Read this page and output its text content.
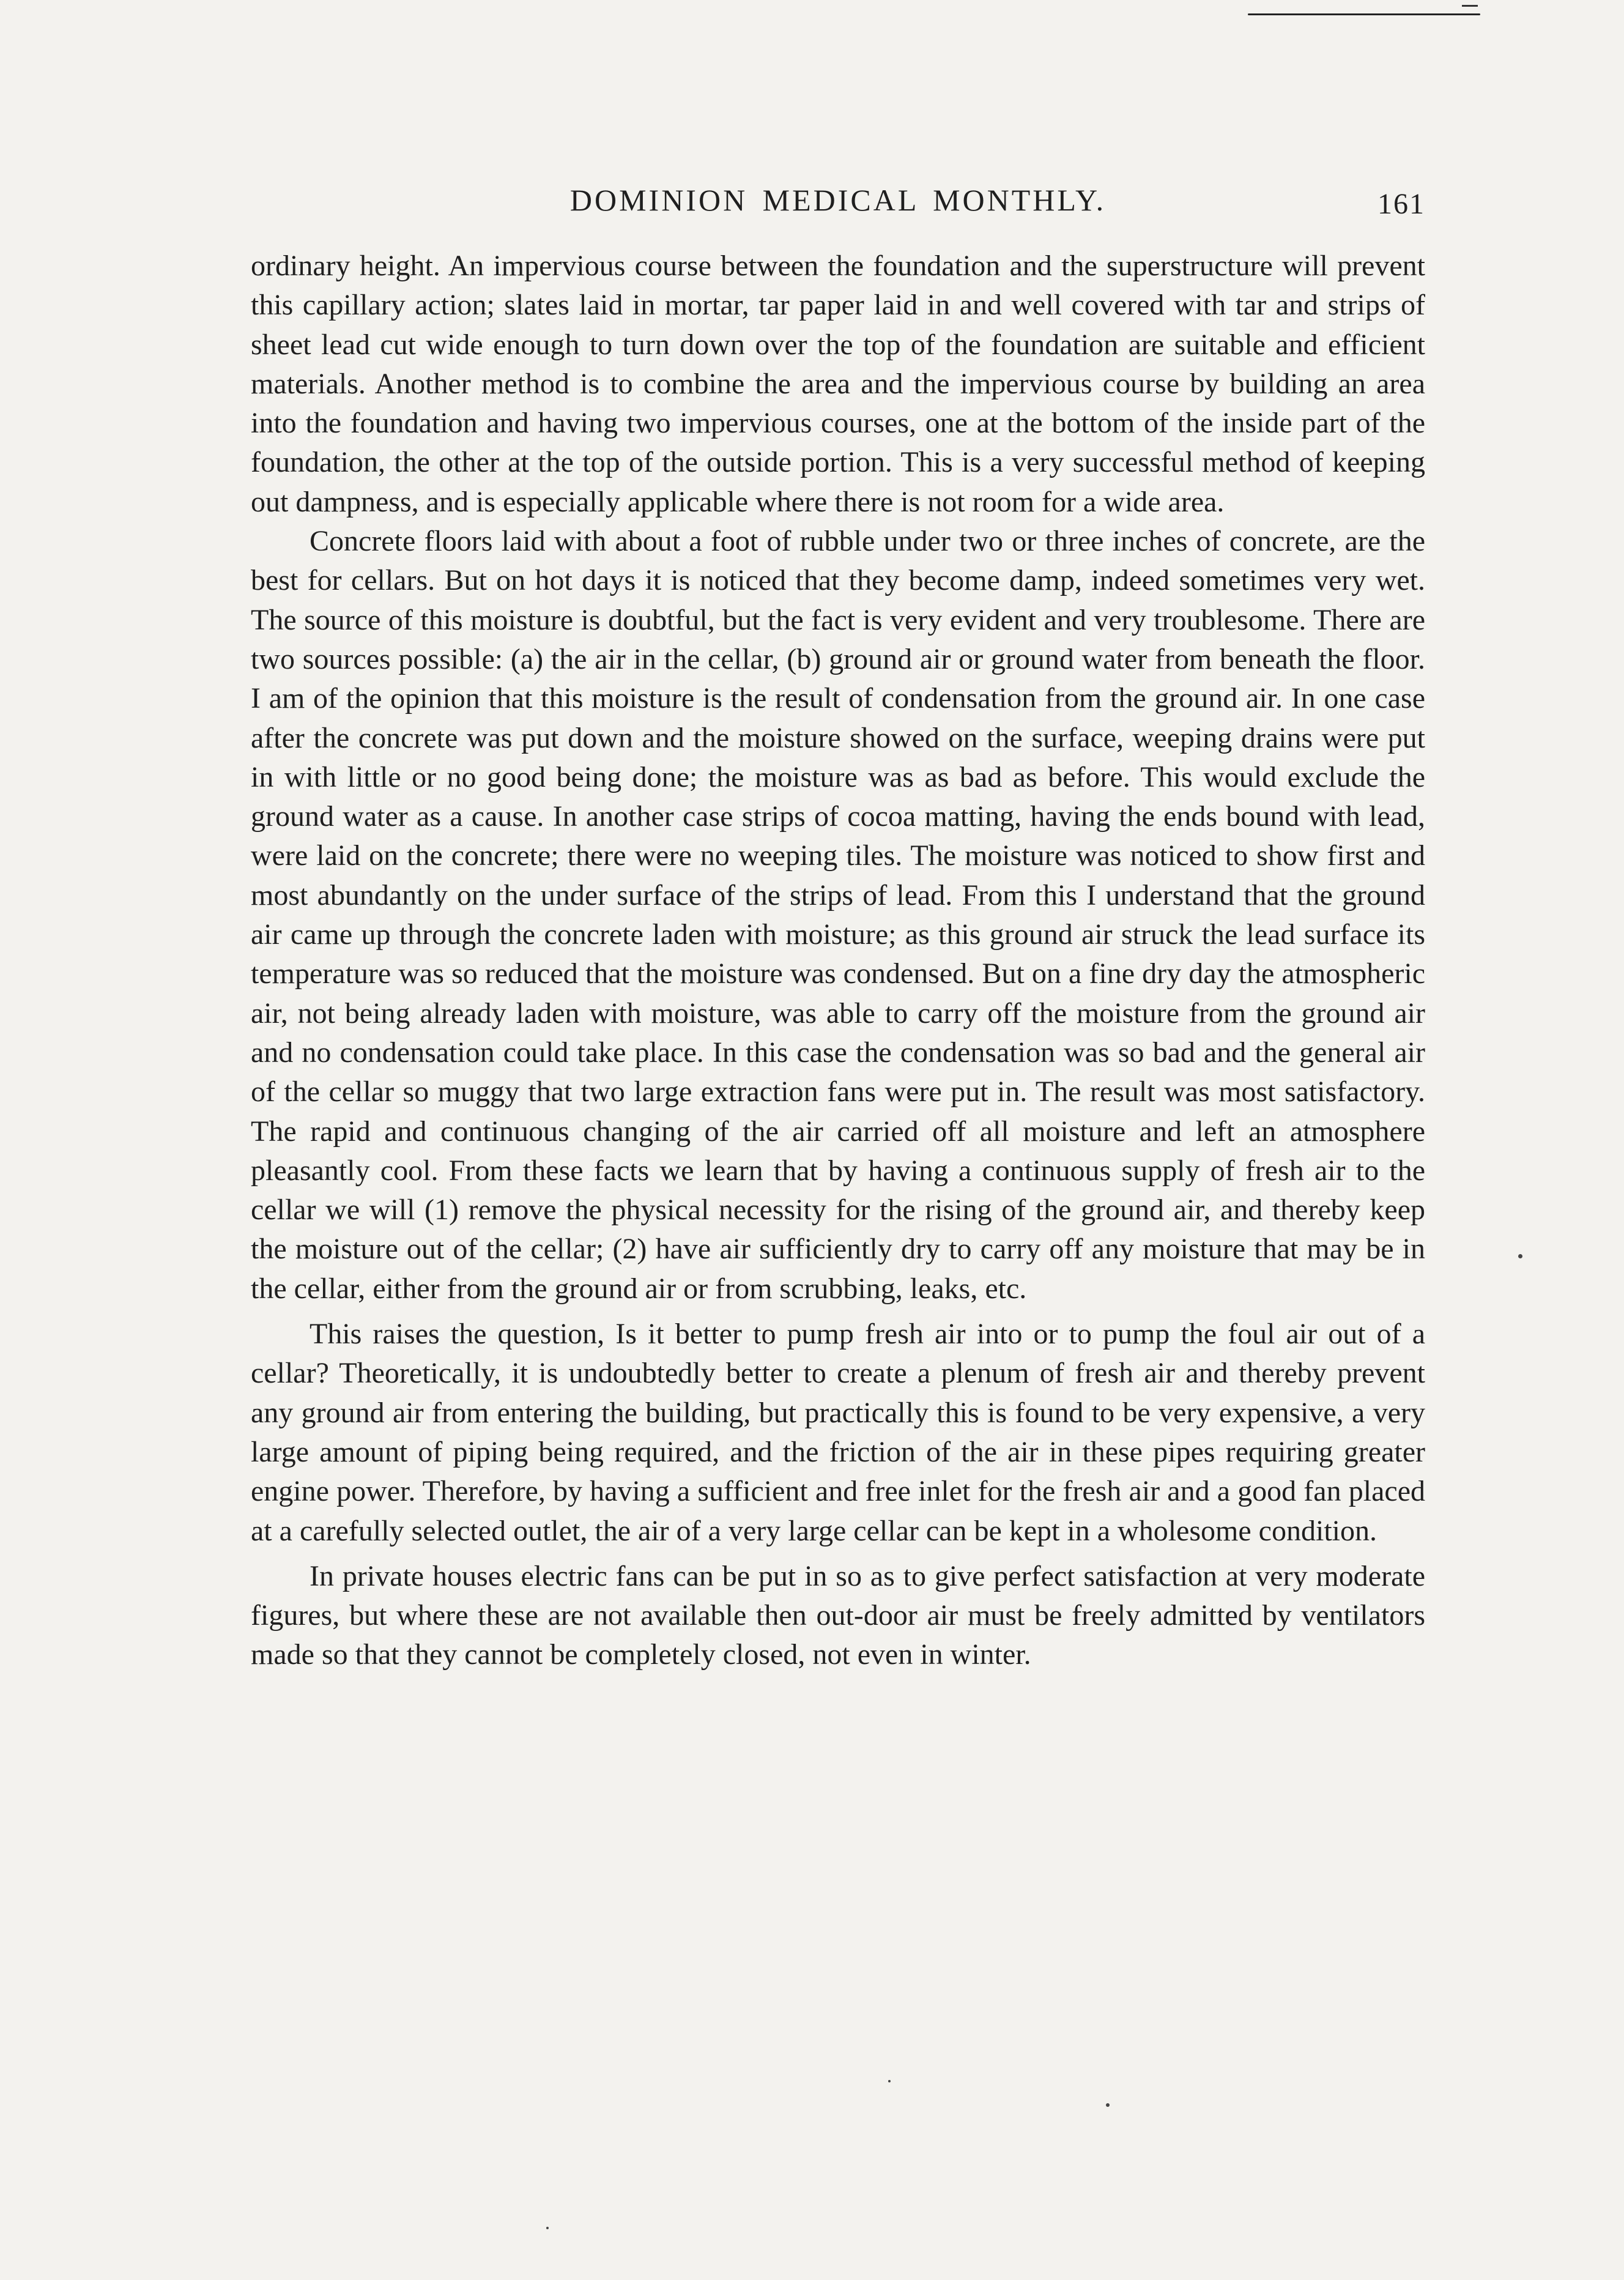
DOMINION MEDICAL MONTHLY.	161

ordinary height. An impervious course between the foundation and the superstructure will prevent this capillary action; slates laid in mortar, tar paper laid in and well covered with tar and strips of sheet lead cut wide enough to turn down over the top of the foundation are suitable and efficient materials. Another method is to combine the area and the impervious course by building an area into the foundation and having two impervious courses, one at the bottom of the inside part of the foundation, the other at the top of the outside portion. This is a very successful method of keeping out dampness, and is especially applicable where there is not room for a wide area.

Concrete floors laid with about a foot of rubble under two or three inches of concrete, are the best for cellars. But on hot days it is noticed that they become damp, indeed sometimes very wet. The source of this moisture is doubtful, but the fact is very evident and very troublesome. There are two sources possible: (a) the air in the cellar, (b) ground air or ground water from beneath the floor. I am of the opinion that this moisture is the result of condensation from the ground air. In one case after the concrete was put down and the moisture showed on the surface, weeping drains were put in with little or no good being done; the moisture was as bad as before. This would exclude the ground water as a cause. In another case strips of cocoa matting, having the ends bound with lead, were laid on the concrete; there were no weeping tiles. The moisture was noticed to show first and most abundantly on the under surface of the strips of lead. From this I understand that the ground air came up through the concrete laden with moisture; as this ground air struck the lead surface its temperature was so reduced that the moisture was condensed. But on a fine dry day the atmospheric air, not being already laden with moisture, was able to carry off the moisture from the ground air and no condensation could take place. In this case the condensation was so bad and the general air of the cellar so muggy that two large extraction fans were put in. The result was most satisfactory. The rapid and continuous changing of the air carried off all moisture and left an atmosphere pleasantly cool. From these facts we learn that by having a continuous supply of fresh air to the cellar we will (1) remove the physical necessity for the rising of the ground air, and thereby keep the moisture out of the cellar; (2) have air sufficiently dry to carry off any moisture that may be in the cellar, either from the ground air or from scrubbing, leaks, etc.

This raises the question, Is it better to pump fresh air into or to pump the foul air out of a cellar? Theoretically, it is undoubtedly better to create a plenum of fresh air and thereby prevent any ground air from entering the building, but practically this is found to be very expensive, a very large amount of piping being required, and the friction of the air in these pipes requiring greater engine power. Therefore, by having a sufficient and free inlet for the fresh air and a good fan placed at a carefully selected outlet, the air of a very large cellar can be kept in a wholesome condition.

In private houses electric fans can be put in so as to give perfect satisfaction at very moderate figures, but where these are not available then out-door air must be freely admitted by ventilators made so that they cannot be completely closed, not even in winter.
